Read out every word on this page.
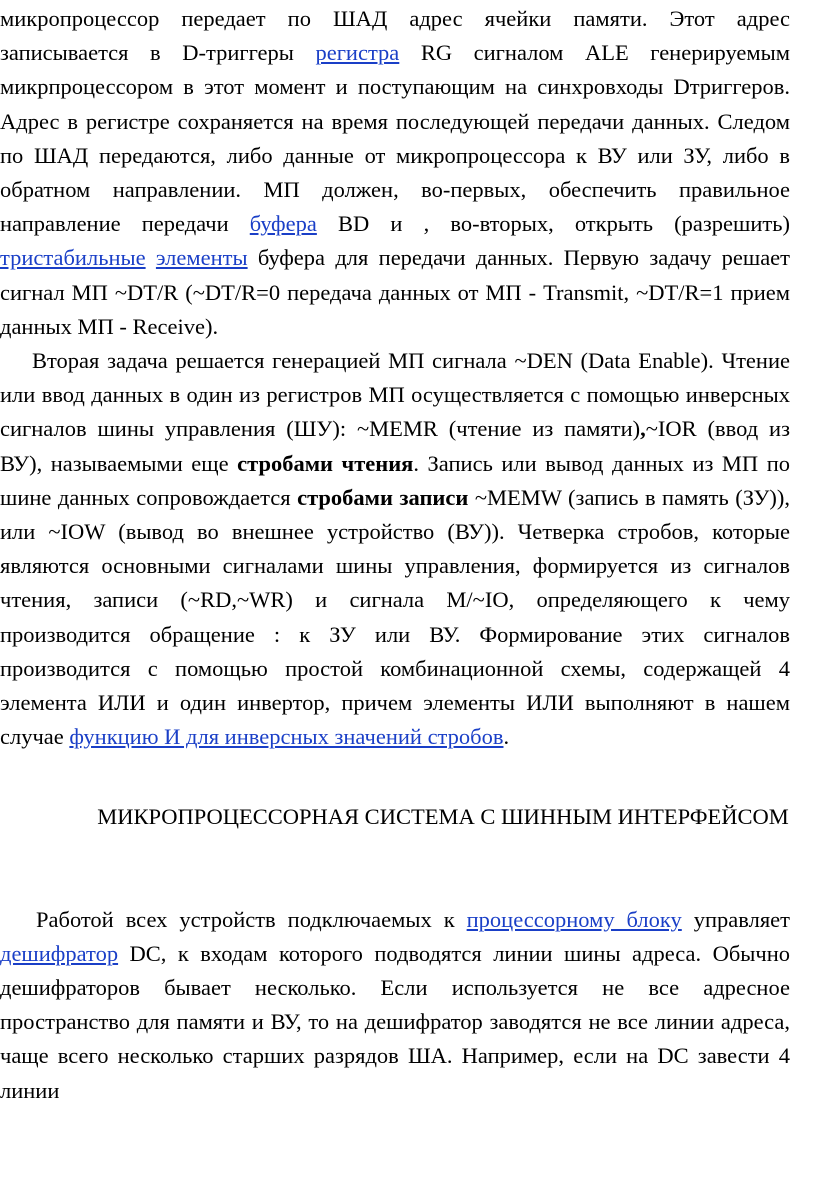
микропроцессор передает по ШАД адрес ячейки памяти. Этот адрес записывается в D-триггеры регистра RG сигналом ALE генерируемым микрпроцессором в этот момент и поступающим на синхровходы Dтриггеров. Адрес в регистре сохраняется на время последующей передачи данных. Следом по ШАД передаются, либо данные от микропроцессора к ВУ или ЗУ, либо в обратном направлении. МП должен, во-первых, обеспечить правильное направление передачи буфера BD и , во-вторых, открыть (разрешить) тристабильные элементы буфера для передачи данных. Первую задачу решает сигнал МП ~DT/R (~DT/R=0 передача данных от МП - Transmit, ~DT/R=1 прием данных МП - Receive).

Вторая задача решается генерацией МП сигнала ~DEN (Data Enable). Чтение или ввод данных в один из регистров МП осуществляется с помощью инверсных сигналов шины управления (ШУ): ~MEMR (чтение из памяти),~IOR (ввод из ВУ), называемыми еще стробами чтения. Запись или вывод данных из МП по шине данных сопровождается стробами записи ~MEMW (запись в память (ЗУ)), или ~IOW (вывод во внешнее устройство (ВУ)). Четверка стробов, которые являются основными сигналами шины управления, формируется из сигналов чтения, записи (~RD,~WR) и сигнала M/~IO, определяющего к чему производится обращение : к ЗУ или ВУ. Формирование этих сигналов производится с помощью простой комбинационной схемы, содержащей 4 элемента ИЛИ и один инвертор, причем элементы ИЛИ выполняют в нашем случае функцию И для инверсных значений стробов.

МИКРОПРОЦЕССОРНАЯ СИСТЕМА С ШИННЫМ ИНТЕРФЕЙСОМ

Работой всех устройств подключаемых к процессорному блоку управляет дешифратор DC, к входам которого подводятся линии шины адреса. Обычно дешифраторов бывает несколько. Если используется не все адресное пространство для памяти и ВУ, то на дешифратор заводятся не все линии адреса, чаще всего несколько старших разрядов ША. Например, если на DC завести 4 линии
